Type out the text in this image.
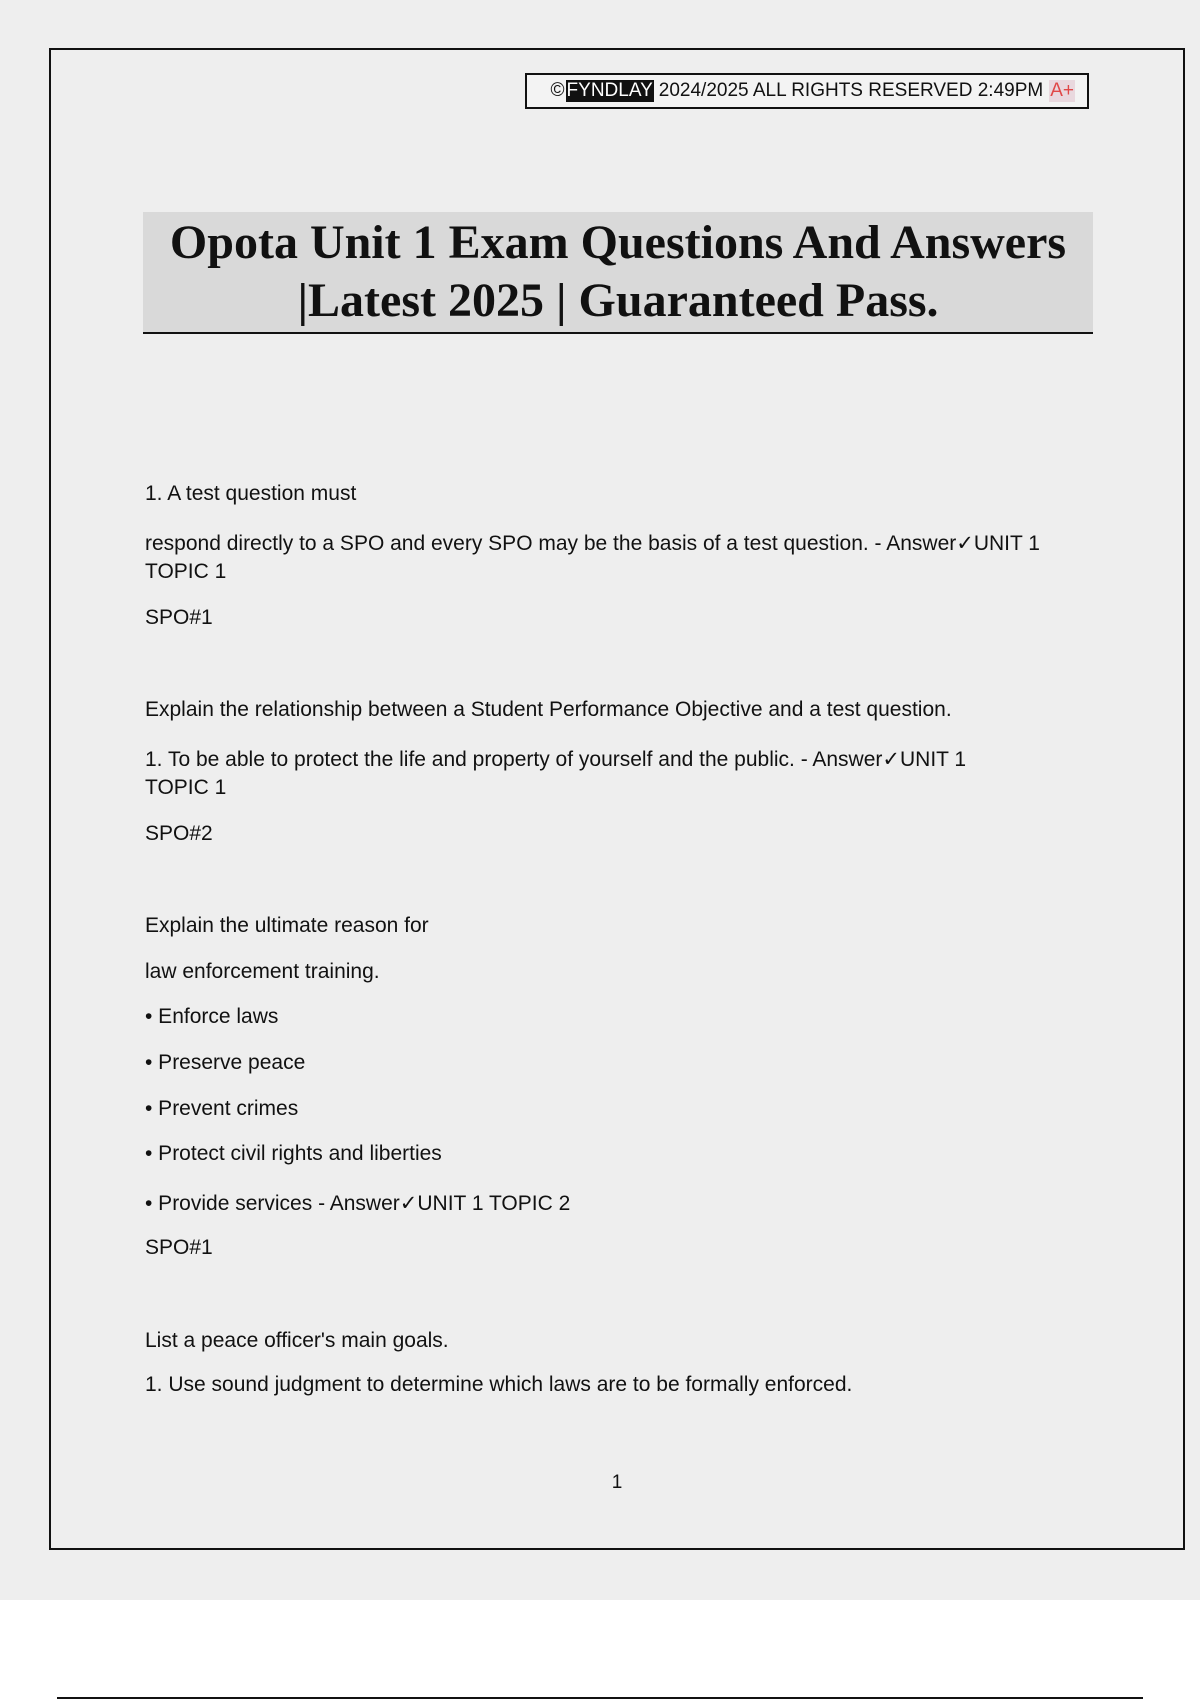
© FYNDLAY 2024/2025 ALL RIGHTS RESERVED 2:49PM A+
Opota Unit 1 Exam Questions And Answers
|Latest 2025 | Guaranteed Pass.
1. A test question must
respond directly to a SPO and every SPO may be the basis of a test question. - Answer✓UNIT 1
TOPIC 1
SPO#1
Explain the relationship between a Student Performance Objective and a test question.
1. To be able to protect the life and property of yourself and the public. - Answer✓UNIT 1
TOPIC 1
SPO#2
Explain the ultimate reason for
law enforcement training.
• Enforce laws
• Preserve peace
• Prevent crimes
• Protect civil rights and liberties
• Provide services - Answer✓UNIT 1 TOPIC 2
SPO#1
List a peace officer's main goals.
1. Use sound judgment to determine which laws are to be formally enforced.
1
